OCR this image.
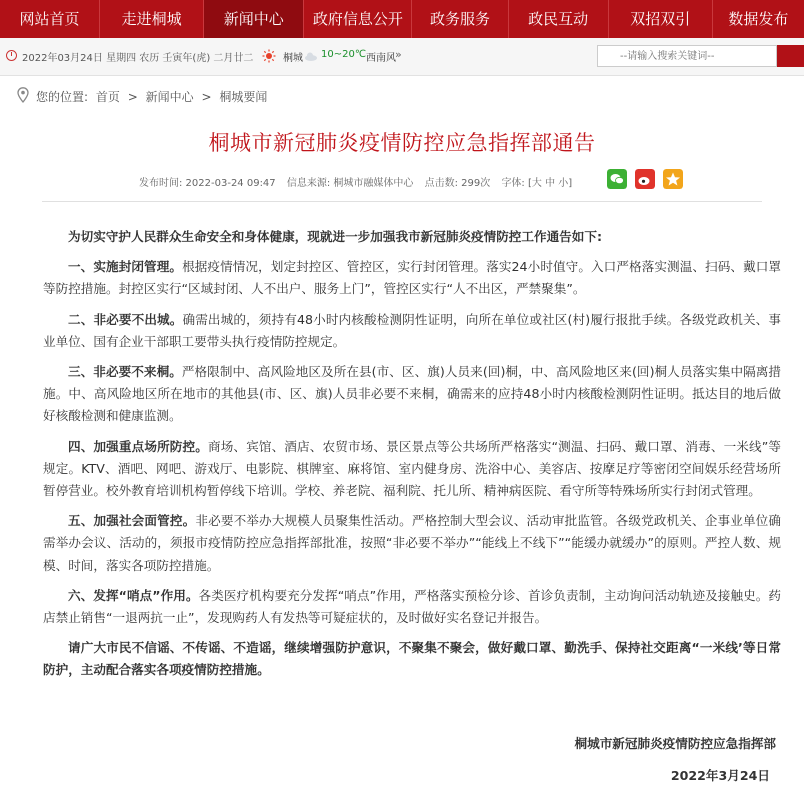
网站首页	走进桐城	新闻中心	政府信息公开	政务服务	政民互动	双招双引	数据发布
2022年03月24日 星期四 农历 壬寅年(虎) 二月廿二	桐城 10~20℃ 西南风 »
--请输入搜索关键词--
您的位置: 首页 > 新闻中心 > 桐城要闻
桐城市新冠肺炎疫情防控应急指挥部通告
发布时间: 2022-03-24 09:47 信息来源: 桐城市融媒体中心 点击数: 299次 字体: [大 中 小]

为切实守护人民群众生命安全和身体健康，现就进一步加强我市新冠肺炎疫情防控工作通告如下:

一、实施封闭管理。根据疫情情况，划定封控区、管控区，实行封闭管理。落实24小时值守。入口严格落实测温、扫码、戴口罩等防控措施。封控区实行“区域封闭、人不出户、服务上门”，管控区实行“人不出区，严禁聚集”。

二、非必要不出城。确需出城的，须持有48小时内核酸检测阴性证明，向所在单位或社区(村)履行报批手续。各级党政机关、事业单位、国有企业干部职工要带头执行疫情防控规定。

三、非必要不来桐。严格限制中、高风险地区及所在县(市、区、旗)人员来(回)桐，中、高风险地区来(回)桐人员落实集中隔离措施。中、高风险地区所在地市的其他县(市、区、旗)人员非必要不来桐，确需来的应持48小时内核酸检测阴性证明。抵达目的地后做好核酸检测和健康监测。

四、加强重点场所防控。商场、宾馆、酒店、农贸市场、景区景点等公共场所严格落实“测温、扫码、戴口罩、消毒、一米线”等规定。KTV、酒吧、网吧、游戏厅、电影院、棋牌室、麻将馆、室内健身房、洗浴中心、美容店、按摩足疗等密闭空间娱乐经营场所暂停营业。校外教育培训机构暂停线下培训。学校、养老院、福利院、托儿所、精神病医院、看守所等特殊场所实行封闭式管理。

五、加强社会面管控。非必要不举办大规模人员聚集性活动。严格控制大型会议、活动审批监管。各级党政机关、企事业单位确需举办会议、活动的，须报市疫情防控应急指挥部批准，按照“非必要不举办”“能线上不线下”“能缓办就缓办”的原则。严控人数、规模、时间，落实各项防控措施。

六、发挥“哨点”作用。各类医疗机构要充分发挥“哨点”作用，严格落实预检分诊、首诊负责制，主动询问活动轨迹及接触史。药店禁止销售“一退两抗一止”，发现购药人有发热等可疑症状的，及时做好实名登记并报告。

请广大市民不信谣、不传谣、不造谣，继续增强防护意识，不聚集不聚会，做好戴口罩、勤洗手、保持社交距离“一米线’等日常防护，主动配合落实各项疫情防控措施。

桐城市新冠肺炎疫情防控应急指挥部
2022年3月24日
